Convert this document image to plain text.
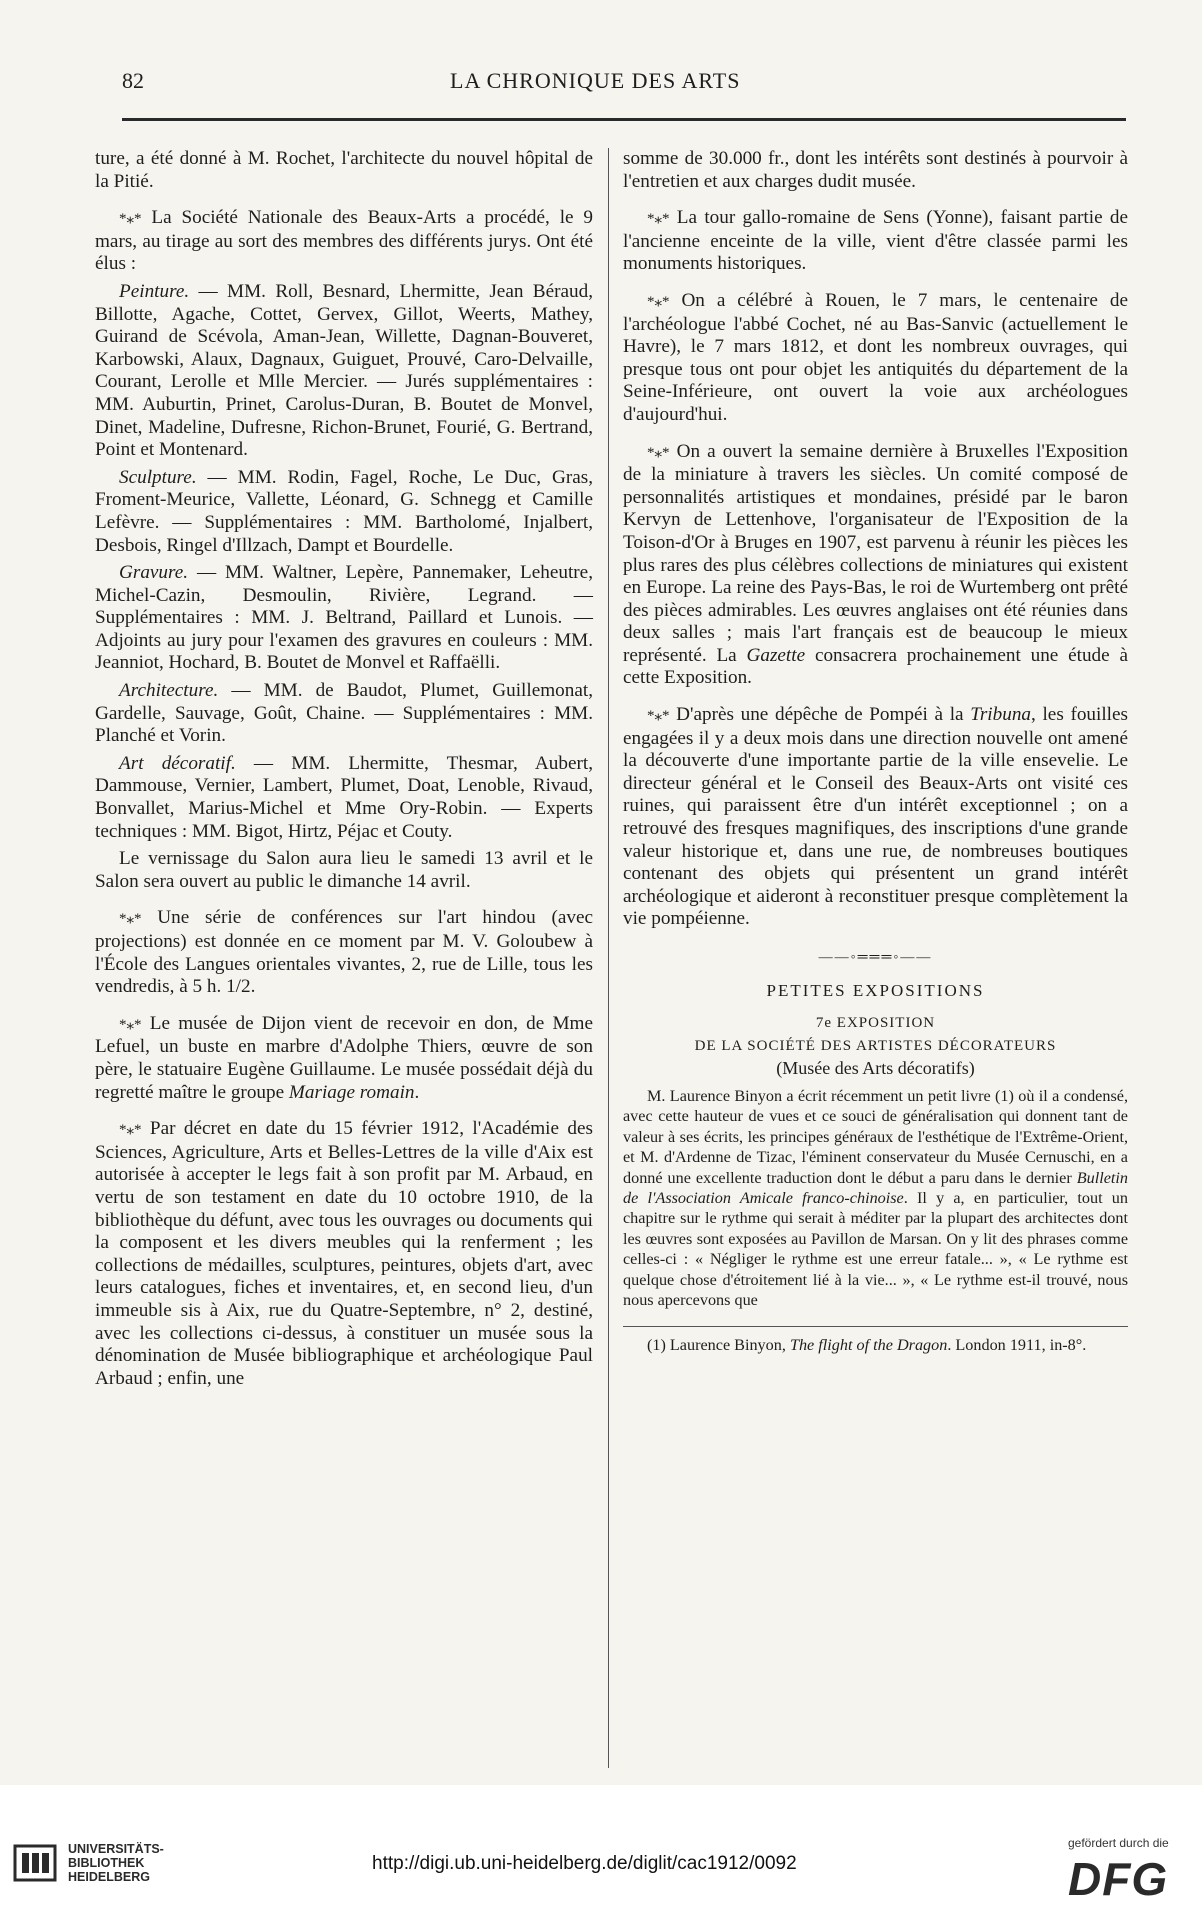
82	LA CHRONIQUE DES ARTS

ture, a été donné à M. Rochet, l'architecte du nouvel hôpital de la Pitié.

*⁎* La Société Nationale des Beaux-Arts a procédé, le 9 mars, au tirage au sort des membres des différents jurys. Ont été élus :

Peinture. — MM. Roll, Besnard, Lhermitte, Jean Béraud, Billotte, Agache, Cottet, Gervex, Gillot, Weerts, Mathey, Guirand de Scévola, Aman-Jean, Willette, Dagnan-Bouveret, Karbowski, Alaux, Dagnaux, Guiguet, Prouvé, Caro-Delvaille, Courant, Lerolle et Mlle Mercier. — Jurés supplémentaires : MM. Auburtin, Prinet, Carolus-Duran, B. Boutet de Monvel, Dinet, Madeline, Dufresne, Richon-Brunet, Fourié, G. Bertrand, Point et Montenard.

Sculpture. — MM. Rodin, Fagel, Roche, Le Duc, Gras, Froment-Meurice, Vallette, Léonard, G. Schnegg et Camille Lefèvre. — Supplémentaires : MM. Bartholomé, Injalbert, Desbois, Ringel d'Illzach, Dampt et Bourdelle.

Gravure. — MM. Waltner, Lepère, Pannemaker, Leheutre, Michel-Cazin, Desmoulin, Rivière, Legrand. — Supplémentaires : MM. J. Beltrand, Paillard et Lunois. — Adjoints au jury pour l'examen des gravures en couleurs : MM. Jeanniot, Hochard, B. Boutet de Monvel et Raffaëlli.

Architecture. — MM. de Baudot, Plumet, Guillemonat, Gardelle, Sauvage, Goût, Chaine. — Supplémentaires : MM. Planché et Vorin.

Art décoratif. — MM. Lhermitte, Thesmar, Aubert, Dammouse, Vernier, Lambert, Plumet, Doat, Lenoble, Rivaud, Bonvallet, Marius-Michel et Mme Ory-Robin. — Experts techniques : MM. Bigot, Hirtz, Péjac et Couty.

Le vernissage du Salon aura lieu le samedi 13 avril et le Salon sera ouvert au public le dimanche 14 avril.

*⁎* Une série de conférences sur l'art hindou (avec projections) est donnée en ce moment par M. V. Goloubew à l'École des Langues orientales vivantes, 2, rue de Lille, tous les vendredis, à 5 h. 1/2.

*⁎* Le musée de Dijon vient de recevoir en don, de Mme Lefuel, un buste en marbre d'Adolphe Thiers, œuvre de son père, le statuaire Eugène Guillaume. Le musée possédait déjà du regretté maître le groupe Mariage romain.

*⁎* Par décret en date du 15 février 1912, l'Académie des Sciences, Agriculture, Arts et Belles-Lettres de la ville d'Aix est autorisée à accepter le legs fait à son profit par M. Arbaud, en vertu de son testament en date du 10 octobre 1910, de la bibliothèque du défunt, avec tous les ouvrages ou documents qui la composent et les divers meubles qui la renferment ; les collections de médailles, sculptures, peintures, objets d'art, avec leurs catalogues, fiches et inventaires, et, en second lieu, d'un immeuble sis à Aix, rue du Quatre-Septembre, n° 2, destiné, avec les collections ci-dessus, à constituer un musée sous la dénomination de Musée bibliographique et archéologique Paul Arbaud ; enfin, une

somme de 30.000 fr., dont les intérêts sont destinés à pourvoir à l'entretien et aux charges dudit musée.

*⁎* La tour gallo-romaine de Sens (Yonne), faisant partie de l'ancienne enceinte de la ville, vient d'être classée parmi les monuments historiques.

*⁎* On a célébré à Rouen, le 7 mars, le centenaire de l'archéologue l'abbé Cochet, né au Bas-Sanvic (actuellement le Havre), le 7 mars 1812, et dont les nombreux ouvrages, qui presque tous ont pour objet les antiquités du département de la Seine-Inférieure, ont ouvert la voie aux archéologues d'aujourd'hui.

*⁎* On a ouvert la semaine dernière à Bruxelles l'Exposition de la miniature à travers les siècles. Un comité composé de personnalités artistiques et mondaines, présidé par le baron Kervyn de Lettenhove, l'organisateur de l'Exposition de la Toison-d'Or à Bruges en 1907, est parvenu à réunir les pièces les plus rares des plus célèbres collections de miniatures qui existent en Europe. La reine des Pays-Bas, le roi de Wurtemberg ont prêté des pièces admirables. Les œuvres anglaises ont été réunies dans deux salles ; mais l'art français est de beaucoup le mieux représenté. La Gazette consacrera prochainement une étude à cette Exposition.

*⁎* D'après une dépêche de Pompéi à la Tribuna, les fouilles engagées il y a deux mois dans une direction nouvelle ont amené la découverte d'une importante partie de la ville ensevelie. Le directeur général et le Conseil des Beaux-Arts ont visité ces ruines, qui paraissent être d'un intérêt exceptionnel ; on a retrouvé des fresques magnifiques, des inscriptions d'une grande valeur historique et, dans une rue, de nombreuses boutiques contenant des objets qui présentent un grand intérêt archéologique et aideront à reconstituer presque complètement la vie pompéienne.

——◦═══◦——
PETITES EXPOSITIONS
7e EXPOSITION
DE LA SOCIÉTÉ DES ARTISTES DÉCORATEURS
(Musée des Arts décoratifs)

M. Laurence Binyon a écrit récemment un petit livre (1) où il a condensé, avec cette hauteur de vues et ce souci de généralisation qui donnent tant de valeur à ses écrits, les principes généraux de l'esthétique de l'Extrême-Orient, et M. d'Ardenne de Tizac, l'éminent conservateur du Musée Cernuschi, en a donné une excellente traduction dont le début a paru dans le dernier Bulletin de l'Association Amicale franco-chinoise. Il y a, en particulier, tout un chapitre sur le rythme qui serait à méditer par la plupart des architectes dont les œuvres sont exposées au Pavillon de Marsan. On y lit des phrases comme celles-ci : « Négliger le rythme est une erreur fatale... », « Le rythme est quelque chose d'étroitement lié à la vie... », « Le rythme est-il trouvé, nous nous apercevons que

(1) Laurence Binyon, The flight of the Dragon. London 1911, in-8°.

UNIVERSITÄTS-
BIBLIOTHEK
HEIDELBERG
http://digi.ub.uni-heidelberg.de/diglit/cac1912/0092
gefördert durch die
DFG
